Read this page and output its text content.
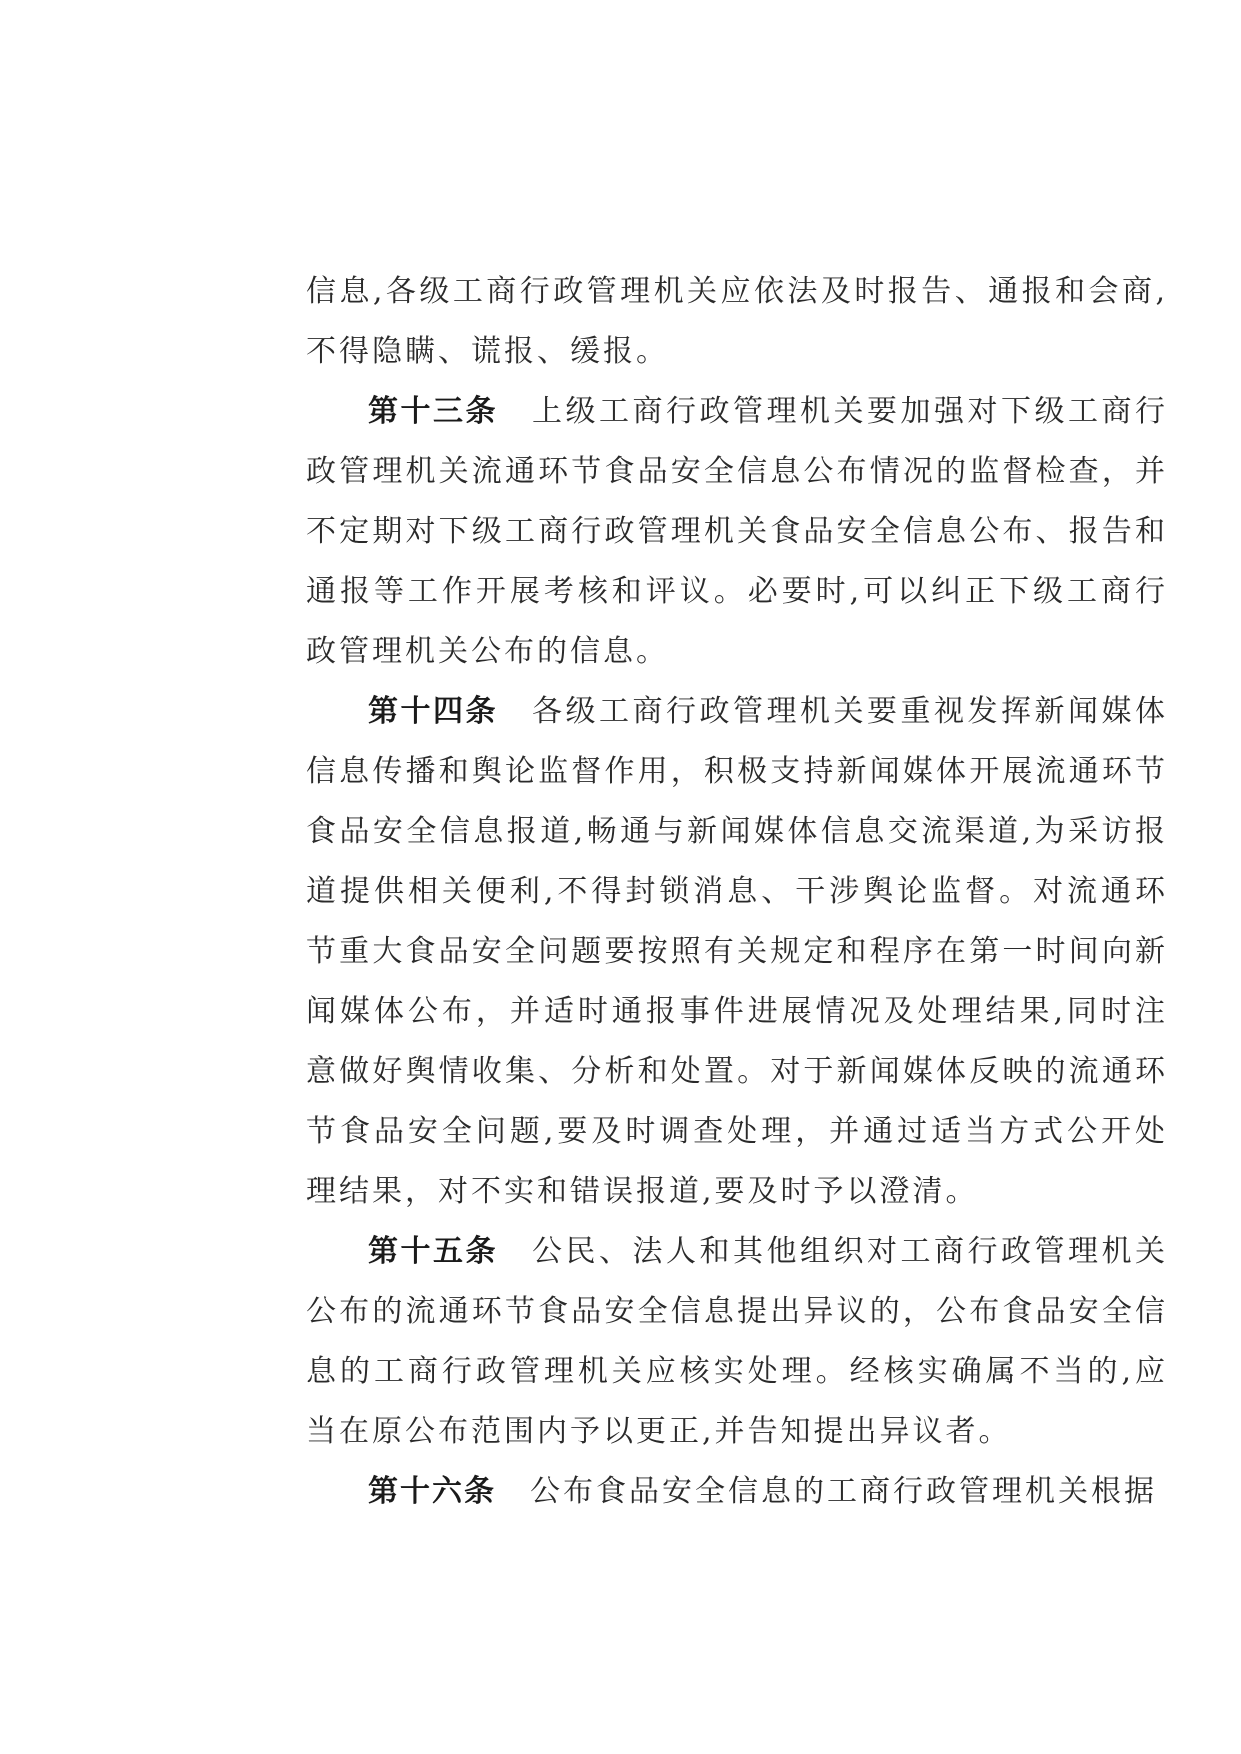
信息,各级工商行政管理机关应依法及时报告、通报和会商,不得隐瞒、谎报、缓报。

第十三条 上级工商行政管理机关要加强对下级工商行政管理机关流通环节食品安全信息公布情况的监督检查，并不定期对下级工商行政管理机关食品安全信息公布、报告和通报等工作开展考核和评议。必要时,可以纠正下级工商行政管理机关公布的信息。

第十四条 各级工商行政管理机关要重视发挥新闻媒体信息传播和舆论监督作用，积极支持新闻媒体开展流通环节食品安全信息报道,畅通与新闻媒体信息交流渠道,为采访报道提供相关便利,不得封锁消息、干涉舆论监督。对流通环节重大食品安全问题要按照有关规定和程序在第一时间向新闻媒体公布，并适时通报事件进展情况及处理结果,同时注意做好舆情收集、分析和处置。对于新闻媒体反映的流通环节食品安全问题,要及时调查处理，并通过适当方式公开处理结果，对不实和错误报道,要及时予以澄清。

第十五条 公民、法人和其他组织对工商行政管理机关公布的流通环节食品安全信息提出异议的，公布食品安全信息的工商行政管理机关应核实处理。经核实确属不当的,应当在原公布范围内予以更正,并告知提出异议者。

第十六条 公布食品安全信息的工商行政管理机关根据
